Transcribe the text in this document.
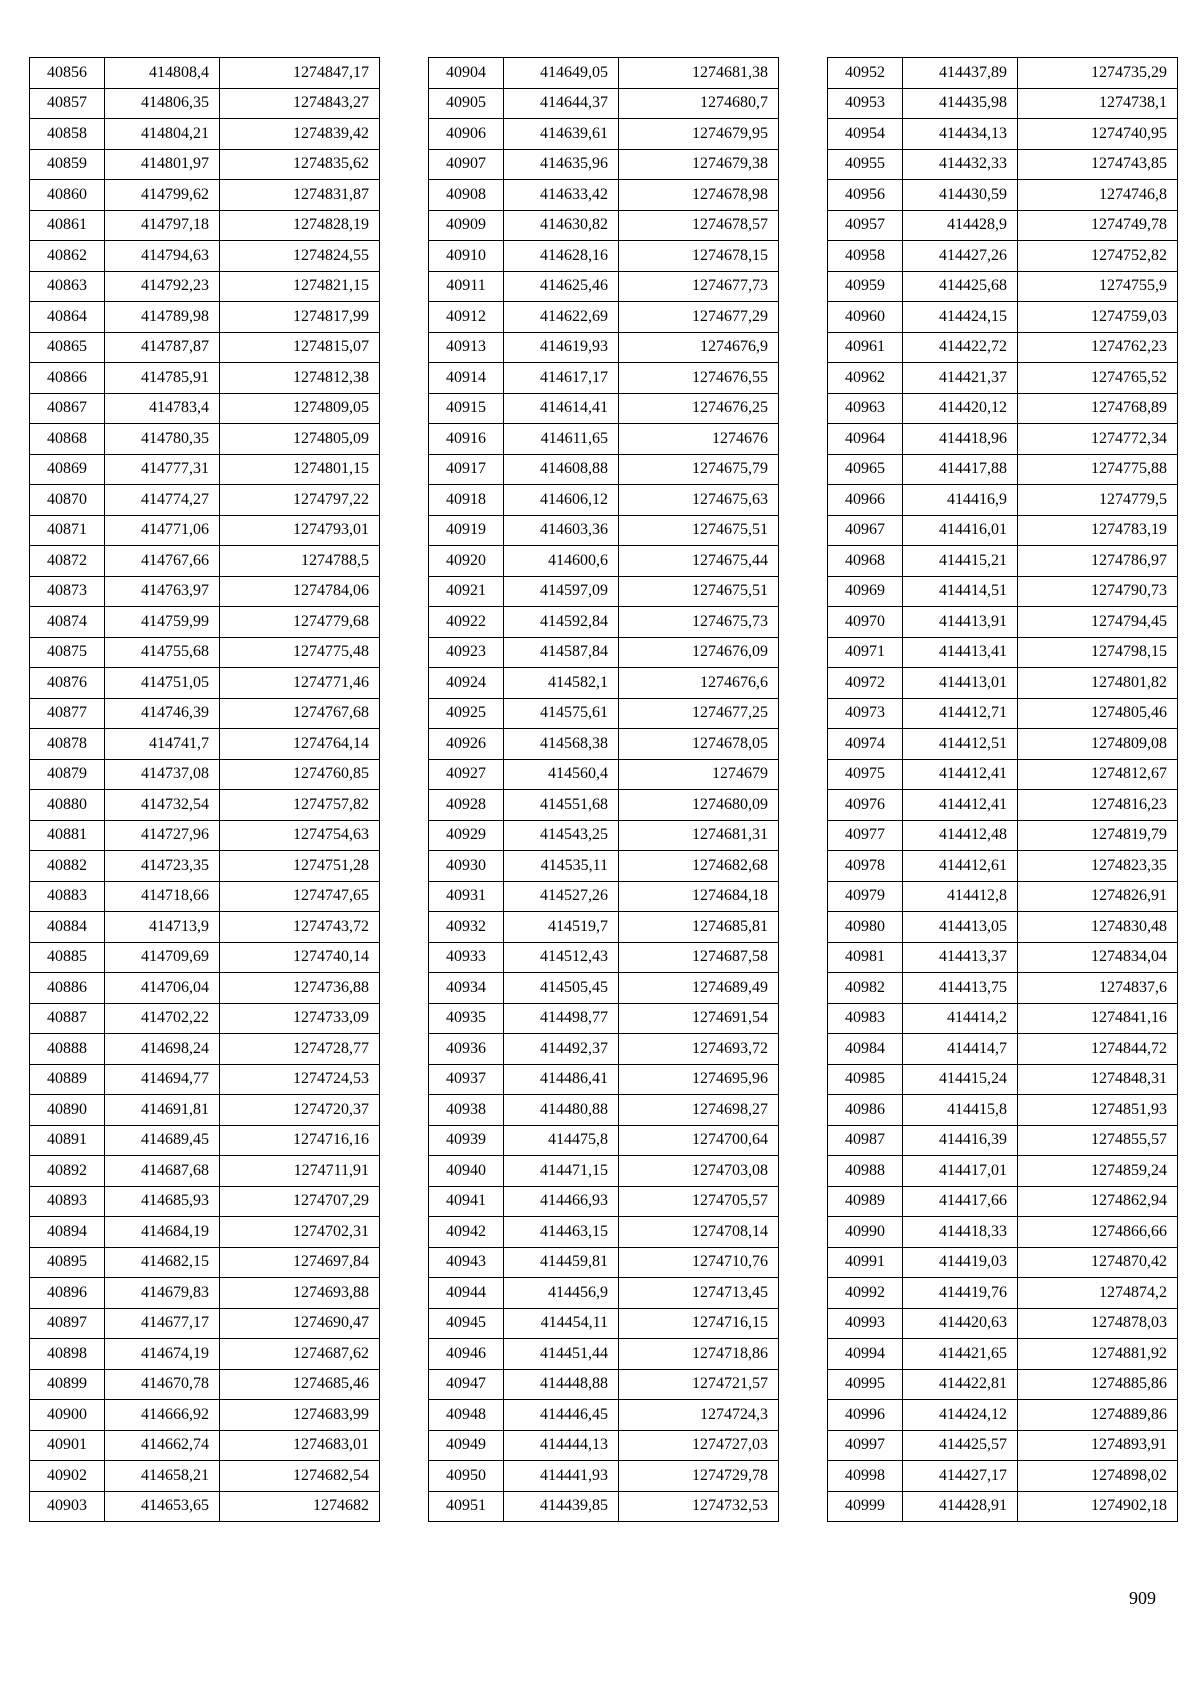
40856	414808,4	1274847,17
40857	414806,35	1274843,27
40858	414804,21	1274839,42
40859	414801,97	1274835,62
40860	414799,62	1274831,87
40861	414797,18	1274828,19
40862	414794,63	1274824,55
40863	414792,23	1274821,15
40864	414789,98	1274817,99
40865	414787,87	1274815,07
40866	414785,91	1274812,38
40867	414783,4	1274809,05
40868	414780,35	1274805,09
40869	414777,31	1274801,15
40870	414774,27	1274797,22
40871	414771,06	1274793,01
40872	414767,66	1274788,5
40873	414763,97	1274784,06
40874	414759,99	1274779,68
40875	414755,68	1274775,48
40876	414751,05	1274771,46
40877	414746,39	1274767,68
40878	414741,7	1274764,14
40879	414737,08	1274760,85
40880	414732,54	1274757,82
40881	414727,96	1274754,63
40882	414723,35	1274751,28
40883	414718,66	1274747,65
40884	414713,9	1274743,72
40885	414709,69	1274740,14
40886	414706,04	1274736,88
40887	414702,22	1274733,09
40888	414698,24	1274728,77
40889	414694,77	1274724,53
40890	414691,81	1274720,37
40891	414689,45	1274716,16
40892	414687,68	1274711,91
40893	414685,93	1274707,29
40894	414684,19	1274702,31
40895	414682,15	1274697,84
40896	414679,83	1274693,88
40897	414677,17	1274690,47
40898	414674,19	1274687,62
40899	414670,78	1274685,46
40900	414666,92	1274683,99
40901	414662,74	1274683,01
40902	414658,21	1274682,54
40903	414653,65	1274682
40904	414649,05	1274681,38
40905	414644,37	1274680,7
40906	414639,61	1274679,95
40907	414635,96	1274679,38
40908	414633,42	1274678,98
40909	414630,82	1274678,57
40910	414628,16	1274678,15
40911	414625,46	1274677,73
40912	414622,69	1274677,29
40913	414619,93	1274676,9
40914	414617,17	1274676,55
40915	414614,41	1274676,25
40916	414611,65	1274676
40917	414608,88	1274675,79
40918	414606,12	1274675,63
40919	414603,36	1274675,51
40920	414600,6	1274675,44
40921	414597,09	1274675,51
40922	414592,84	1274675,73
40923	414587,84	1274676,09
40924	414582,1	1274676,6
40925	414575,61	1274677,25
40926	414568,38	1274678,05
40927	414560,4	1274679
40928	414551,68	1274680,09
40929	414543,25	1274681,31
40930	414535,11	1274682,68
40931	414527,26	1274684,18
40932	414519,7	1274685,81
40933	414512,43	1274687,58
40934	414505,45	1274689,49
40935	414498,77	1274691,54
40936	414492,37	1274693,72
40937	414486,41	1274695,96
40938	414480,88	1274698,27
40939	414475,8	1274700,64
40940	414471,15	1274703,08
40941	414466,93	1274705,57
40942	414463,15	1274708,14
40943	414459,81	1274710,76
40944	414456,9	1274713,45
40945	414454,11	1274716,15
40946	414451,44	1274718,86
40947	414448,88	1274721,57
40948	414446,45	1274724,3
40949	414444,13	1274727,03
40950	414441,93	1274729,78
40951	414439,85	1274732,53
40952	414437,89	1274735,29
40953	414435,98	1274738,1
40954	414434,13	1274740,95
40955	414432,33	1274743,85
40956	414430,59	1274746,8
40957	414428,9	1274749,78
40958	414427,26	1274752,82
40959	414425,68	1274755,9
40960	414424,15	1274759,03
40961	414422,72	1274762,23
40962	414421,37	1274765,52
40963	414420,12	1274768,89
40964	414418,96	1274772,34
40965	414417,88	1274775,88
40966	414416,9	1274779,5
40967	414416,01	1274783,19
40968	414415,21	1274786,97
40969	414414,51	1274790,73
40970	414413,91	1274794,45
40971	414413,41	1274798,15
40972	414413,01	1274801,82
40973	414412,71	1274805,46
40974	414412,51	1274809,08
40975	414412,41	1274812,67
40976	414412,41	1274816,23
40977	414412,48	1274819,79
40978	414412,61	1274823,35
40979	414412,8	1274826,91
40980	414413,05	1274830,48
40981	414413,37	1274834,04
40982	414413,75	1274837,6
40983	414414,2	1274841,16
40984	414414,7	1274844,72
40985	414415,24	1274848,31
40986	414415,8	1274851,93
40987	414416,39	1274855,57
40988	414417,01	1274859,24
40989	414417,66	1274862,94
40990	414418,33	1274866,66
40991	414419,03	1274870,42
40992	414419,76	1274874,2
40993	414420,63	1274878,03
40994	414421,65	1274881,92
40995	414422,81	1274885,86
40996	414424,12	1274889,86
40997	414425,57	1274893,91
40998	414427,17	1274898,02
40999	414428,91	1274902,18
909
